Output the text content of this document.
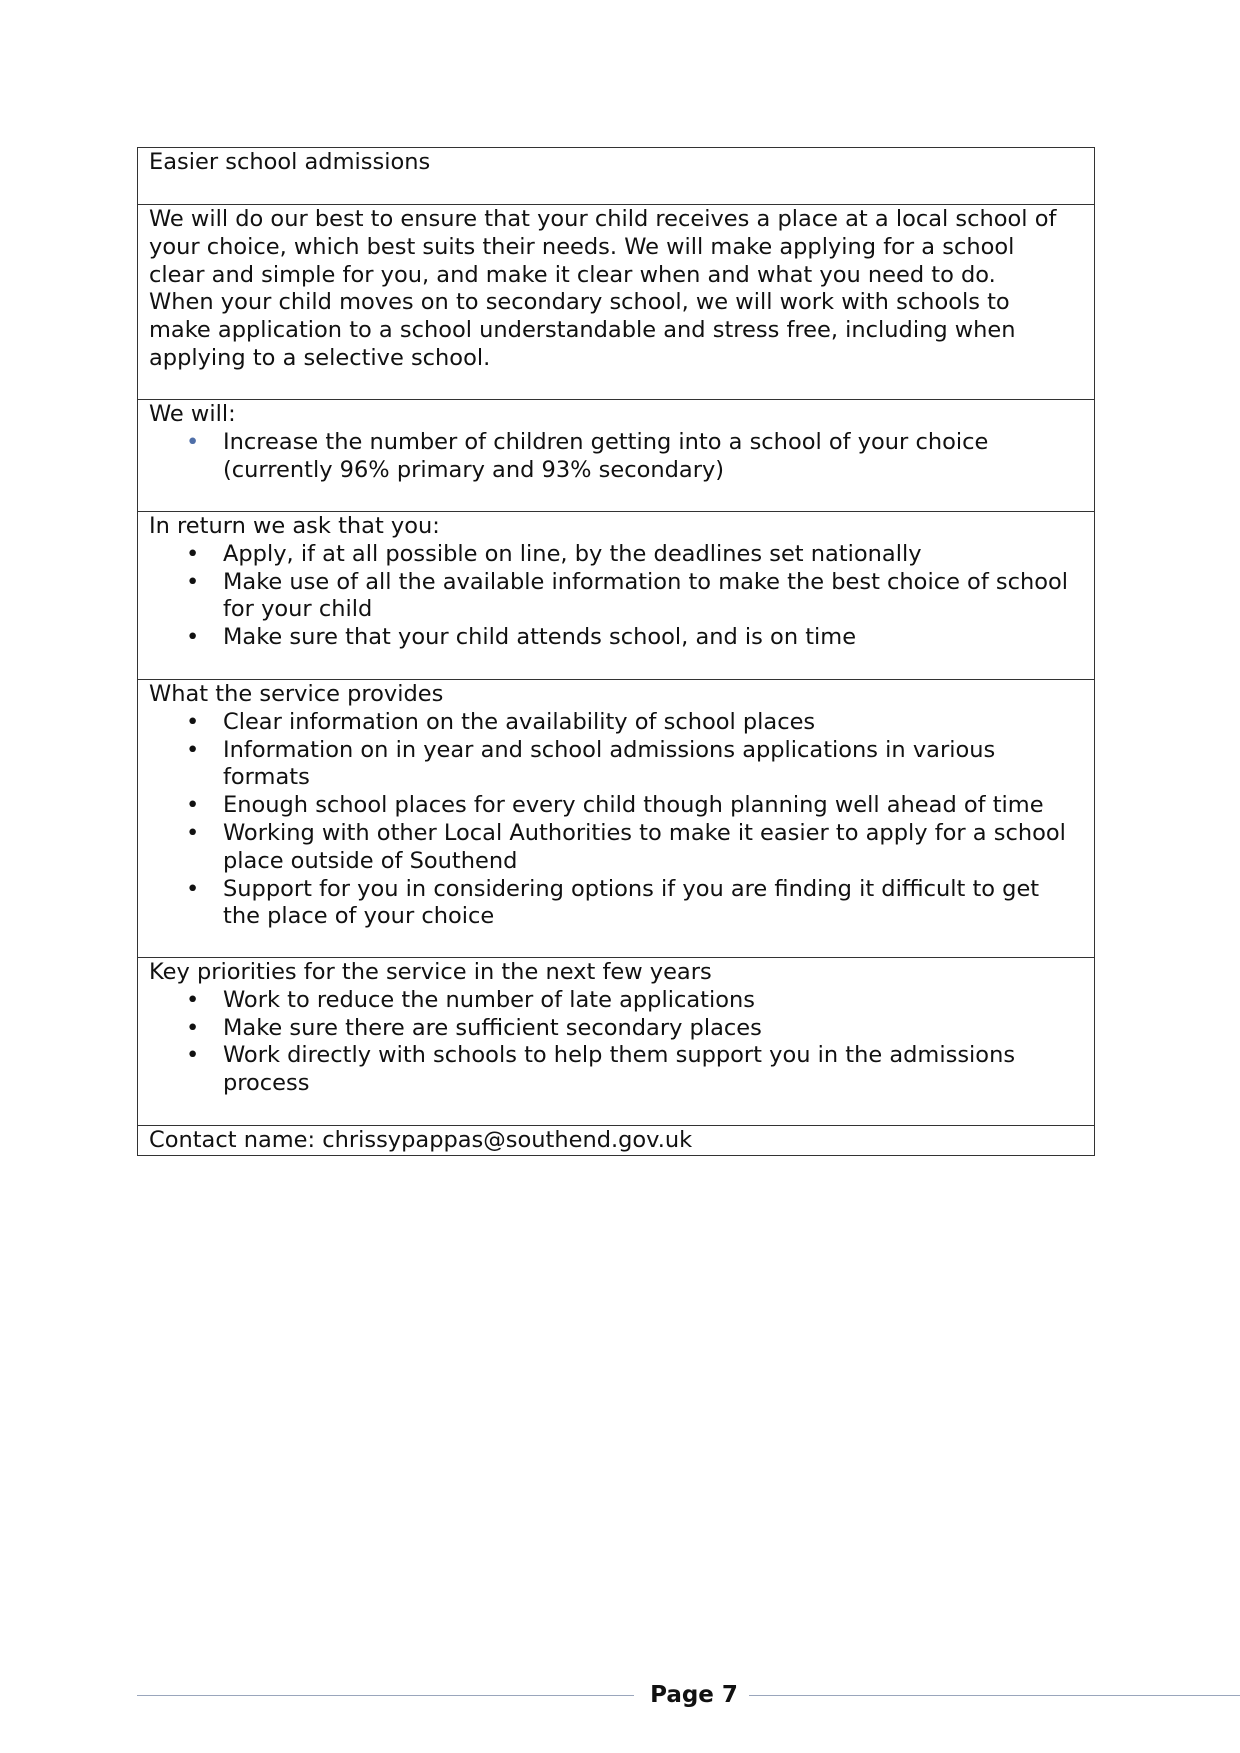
Easier school admissions

We will do our best to ensure that your child receives a place at a local school of
your choice, which best suits their needs. We will make applying for a school
clear and simple for you, and make it clear when and what you need to do.
When your child moves on to secondary school, we will work with schools to
make application to a school understandable and stress free, including when
applying to a selective school.

We will:
• Increase the number of children getting into a school of your choice (currently 96% primary and 93% secondary)

In return we ask that you:
• Apply, if at all possible on line, by the deadlines set nationally
• Make use of all the available information to make the best choice of school for your child
• Make sure that your child attends school, and is on time

What the service provides
• Clear information on the availability of school places
• Information on in year and school admissions applications in various formats
• Enough school places for every child though planning well ahead of time
• Working with other Local Authorities to make it easier to apply for a school place outside of Southend
• Support for you in considering options if you are finding it difficult to get the place of your choice

Key priorities for the service in the next few years
• Work to reduce the number of late applications
• Make sure there are sufficient secondary places
• Work directly with schools to help them support you in the admissions process

Contact name: chrissypappas@southend.gov.uk
Page 7
